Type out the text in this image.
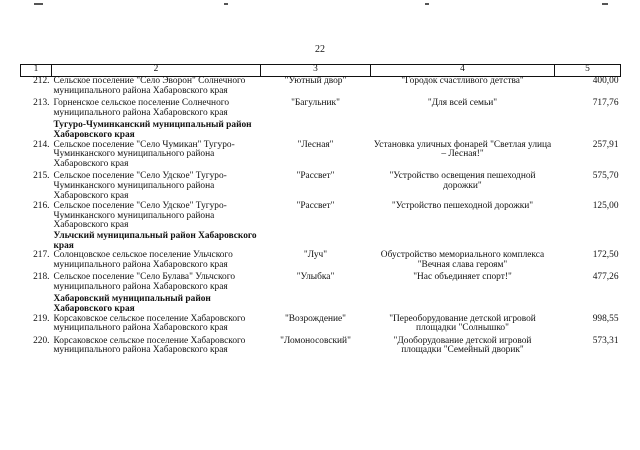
22
1	2	3	4	5
212.	Сельское поселение "Село Эворон" Солнечного муниципального района Хабаровского края	"Уютный двор"	"Городок счастливого детства"	400,00
213.	Горненское сельское поселение Солнечного муниципального района Хабаровского края	"Багульник"	"Для всей семьи"	717,76
	Тугуро-Чуминканский муниципальный район Хабаровского края			
214.	Сельское поселение "Село Чумикан" Тугуро-Чуминканского муниципального района Хабаровского края	"Лесная"	Установка уличных фонарей "Светлая улица – Лесная!"	257,91
215.	Сельское поселение "Село Удское" Тугуро-Чуминканского муниципального района Хабаровского края	"Рассвет"	"Устройство освещения пешеходной дорожки"	575,70
216.	Сельское поселение "Село Удское" Тугуро-Чуминканского муниципального района Хабаровского края	"Рассвет"	"Устройство пешеходной дорожки"	125,00
	Ульчский муниципальный район Хабаровского края			
217.	Солонцовское сельское поселение Ульчского муниципального района Хабаровского края	"Луч"	Обустройство мемориального комплекса "Вечная слава героям"	172,50
218.	Сельское поселение "Село Булава" Ульчского муниципального района Хабаровского края	"Улыбка"	"Нас объединяет спорт!"	477,26
	Хабаровский муниципальный район Хабаровского края			
219.	Корсаковское сельское поселение Хабаровского муниципального района Хабаровского края	"Возрождение"	"Переоборудование детской игровой площадки "Солнышко"	998,55
220.	Корсаковское сельское поселение Хабаровского муниципального района Хабаровского края	"Ломоносовский"	"Дооборудование детской игровой площадки "Семейный дворик"	573,31
